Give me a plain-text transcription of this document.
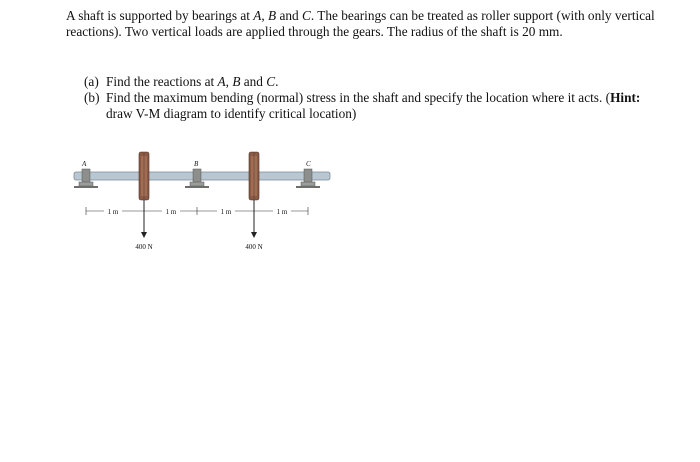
A shaft is supported by bearings at A, B and C. The bearings can be treated as roller support (with only vertical reactions). Two vertical loads are applied through the gears. The radius of the shaft is 20 mm.

(a) Find the reactions at A, B and C.

(b) Find the maximum bending (normal) stress in the shaft and specify the location where it acts. (Hint: draw V-M diagram to identify critical location)

A	B	C
1 m	1 m	1 m	1 m
400 N	400 N
